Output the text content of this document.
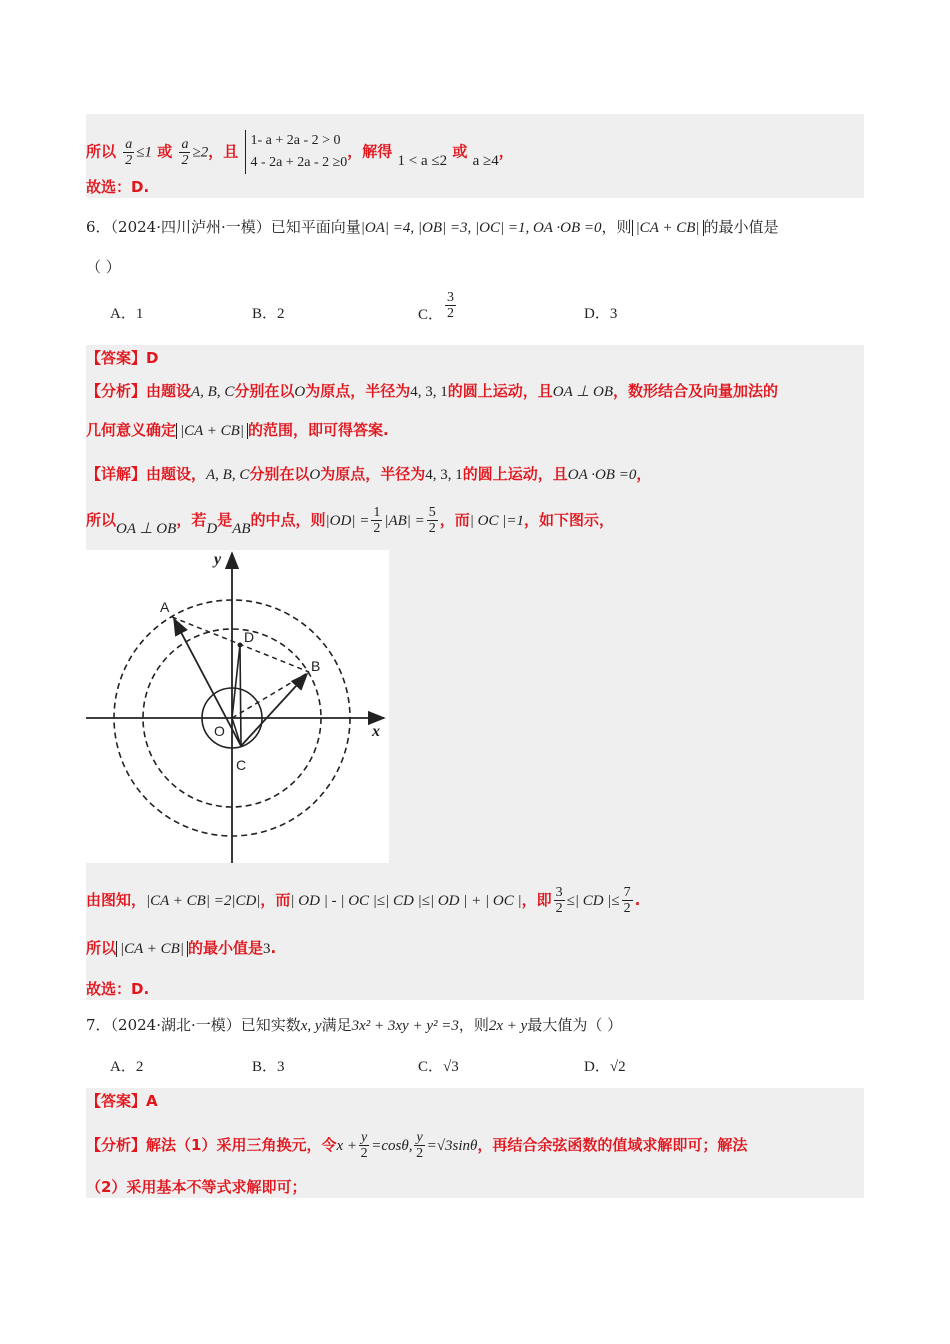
所以 $\frac{a}{2} \le 1$ 或 $\frac{a}{2} \ge 2$，且
1- a + 2a - 2 > 0
4 - 2a + 2a - 2 ≥0
，解得 1 < a ≤2 或 a ≥4，
故选：D.
6．（2024·四川泸州·一模）已知平面向量|OA| =4, |OB| =3, |OC| =1, OA ·OB =0，则 |CA + CB| 的最小值是
（ ）
A．1	B．2	C． $\frac{3}{2}$	D．3
【答案】D
【分析】由题设A, B, C分别在以O为原点，半径为4, 3, 1的圆上运动，且OA ⊥ OB，数形结合及向量加法的
几何意义确定 |CA + CB| 的范围，即可得答案.
【详解】由题设，A, B, C分别在以O为原点，半径为4, 3, 1的圆上运动，且OA ·OB =0，
所以OA ⊥ OB，若D是AB的中点，则$|OD| = \frac{1}{2} |AB| = \frac{5}{2}$ ，而| OC |=1，如下图示，
A
B
C
D
O
y
x
由图知，|CA + CB| =2|CD|，而| OD | - | OC |≤| CD |≤| OD | + | OC |，即 $\frac{3}{2}$ ≤| CD |≤ $\frac{7}{2}$ .
所以 |CA + CB| 的最小值是3.
故选：D.
7．（2024·湖北·一模）已知实数x, y满足3x² + 3xy + y² =3，则2x + y最大值为（ ）
A．2	B．3	C．√3	D．√2
【答案】A
【分析】解法（1）采用三角换元，令$x + \frac{y}{2} =\cos\theta$, $\frac{y}{2} =√3\sin\theta$，再结合余弦函数的值域求解即可；解法
（2）采用基本不等式求解即可；
